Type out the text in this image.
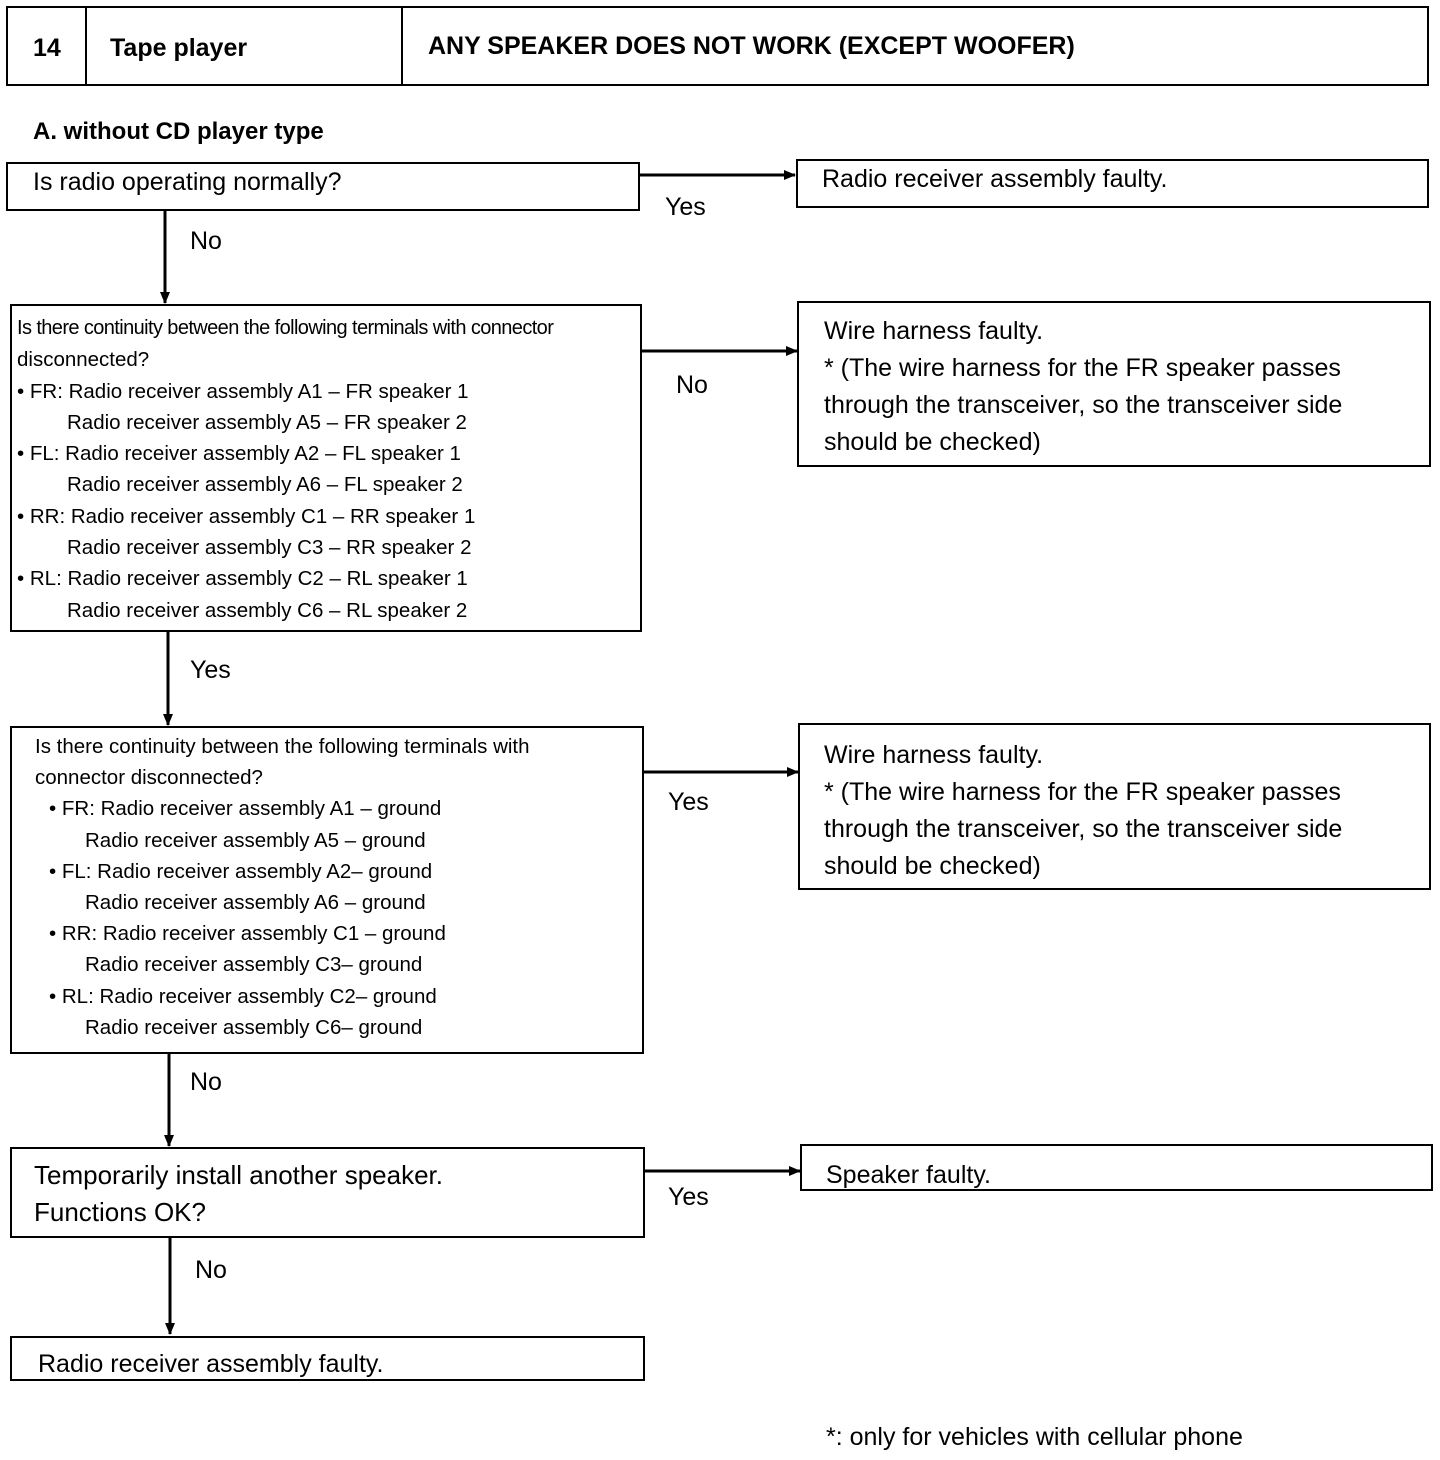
14 Tape player	ANY SPEAKER DOES NOT WORK (EXCEPT WOOFER)
A. without CD player type
Is radio operating normally?
Yes
No
Radio receiver assembly faulty.
Is there continuity between the following terminals with connector
disconnected?
• FR: Radio receiver assembly A1 – FR speaker 1
Radio receiver assembly A5 – FR speaker 2
• FL: Radio receiver assembly A2 – FL speaker 1
Radio receiver assembly A6 – FL speaker 2
• RR: Radio receiver assembly C1 – RR speaker 1
Radio receiver assembly C3 – RR speaker 2
• RL: Radio receiver assembly C2 – RL speaker 1
Radio receiver assembly C6 – RL speaker 2
No
Yes
Wire harness faulty.
* (The wire harness for the FR speaker passes
through the transceiver, so the transceiver side
should be checked)
Is there continuity between the following terminals with
connector disconnected?
• FR: Radio receiver assembly A1 – ground
Radio receiver assembly A5 – ground
• FL: Radio receiver assembly A2– ground
Radio receiver assembly A6 – ground
• RR: Radio receiver assembly C1 – ground
Radio receiver assembly C3– ground
• RL: Radio receiver assembly C2– ground
Radio receiver assembly C6– ground
Yes
No
Wire harness faulty.
* (The wire harness for the FR speaker passes
through the transceiver, so the transceiver side
should be checked)
Temporarily install another speaker.
Functions OK?	Yes
No
Speaker faulty.
Radio receiver assembly faulty.
*: only for vehicles with cellular phone
